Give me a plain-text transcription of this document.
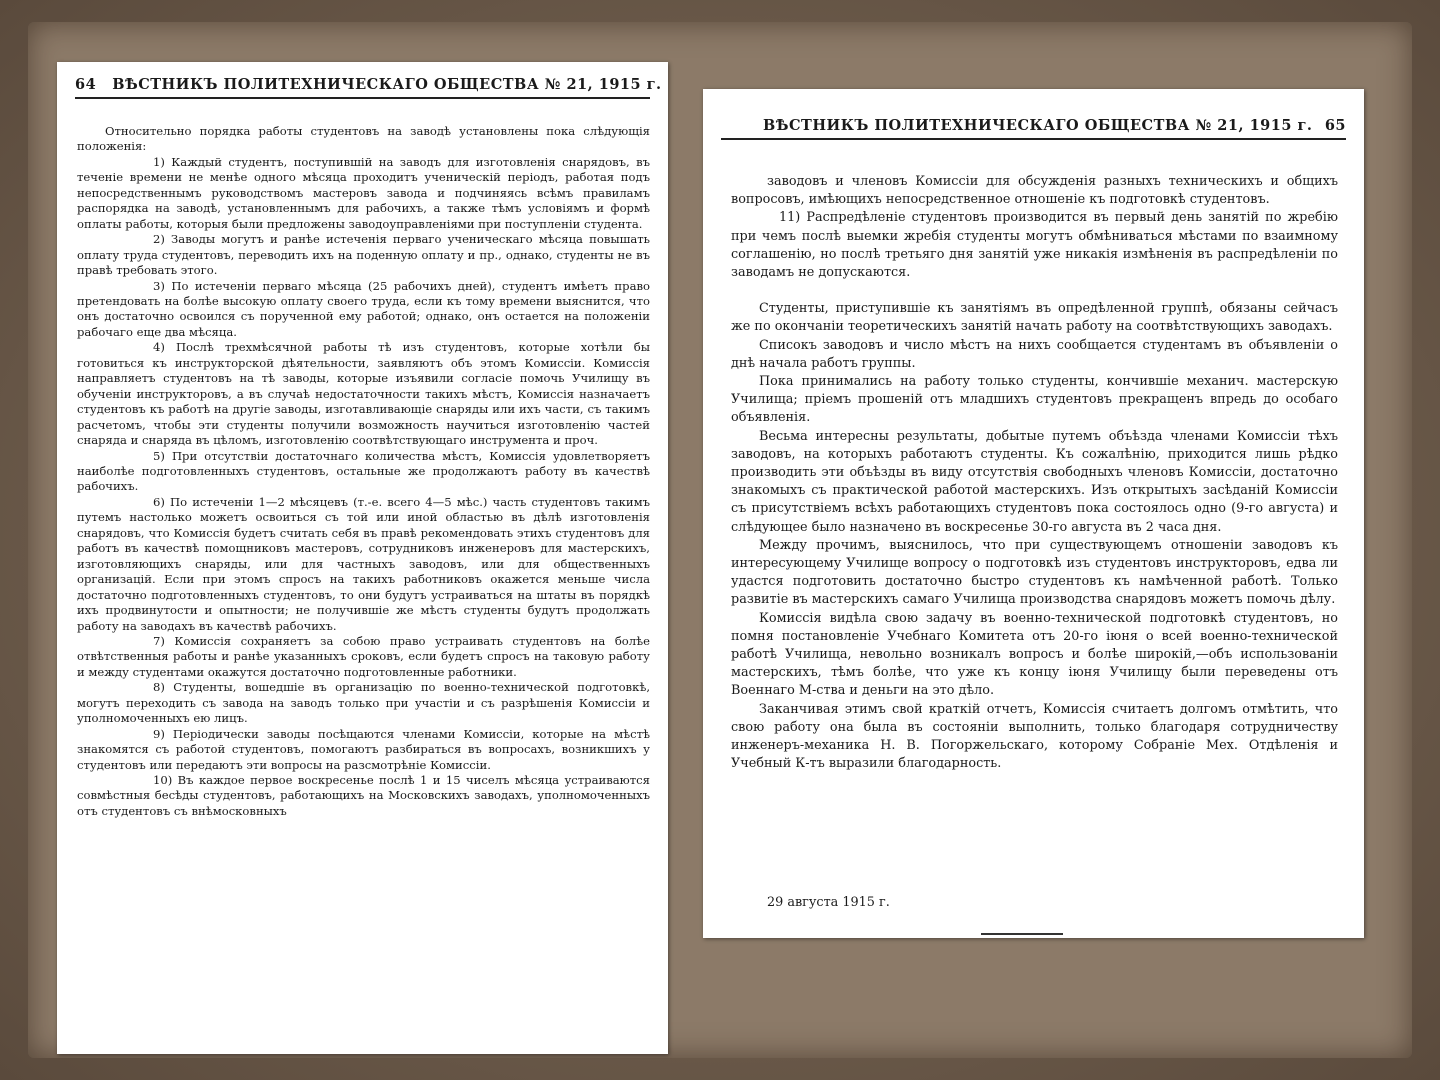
64 ВѢСТНИКЪ ПОЛИТЕХНИЧЕСКАГО ОБЩЕСТВА № 21, 1915 г.

Относительно порядка работы студентовъ на заводѣ установлены пока слѣдующія положенія:

1) Каждый студентъ, поступившій на заводъ для изготовленія снарядовъ, въ теченіе времени не менѣе одного мѣсяца проходитъ ученическій періодъ, работая подъ непосредственнымъ руководствомъ мастеровъ завода и подчиняясь всѣмъ правиламъ распорядка на заводѣ, установленнымъ для рабочихъ, а также тѣмъ условіямъ и формѣ оплаты работы, которыя были предложены заводоуправленіями при поступленіи студента.

2) Заводы могутъ и ранѣе истеченія перваго ученическаго мѣсяца повышать оплату труда студентовъ, переводить ихъ на поденную оплату и пр., однако, студенты не въ правѣ требовать этого.

3) По истеченіи перваго мѣсяца (25 рабочихъ дней), студентъ имѣетъ право претендовать на болѣе высокую оплату своего труда, если къ тому времени выяснится, что онъ достаточно освоился съ порученной ему работой; однако, онъ остается на положеніи рабочаго еще два мѣсяца.

4) Послѣ трехмѣсячной работы тѣ изъ студентовъ, которые хотѣли бы готовиться къ инструкторской дѣятельности, заявляютъ объ этомъ Комиссіи. Комиссія направляетъ студентовъ на тѣ заводы, которые изъявили согласіе помочь Училищу въ обученіи инструкторовъ, а въ случаѣ недостаточности такихъ мѣстъ, Комиссія назначаетъ студентовъ къ работѣ на другіе заводы, изготавливающіе снаряды или ихъ части, съ такимъ расчетомъ, чтобы эти студенты получили возможность научиться изготовленію частей снаряда и снаряда въ цѣломъ, изготовленію соотвѣтствующаго инструмента и проч.

5) При отсутствіи достаточнаго количества мѣстъ, Комиссія удовлетворяетъ наиболѣе подготовленныхъ студентовъ, остальные же продолжаютъ работу въ качествѣ рабочихъ.

6) По истеченіи 1—2 мѣсяцевъ (т.-е. всего 4—5 мѣс.) часть студентовъ такимъ путемъ настолько можетъ освоиться съ той или иной областью въ дѣлѣ изготовленія снарядовъ, что Комиссія будетъ считать себя въ правѣ рекомендовать этихъ студентовъ для работъ въ качествѣ помощниковъ мастеровъ, сотрудниковъ инженеровъ для мастерскихъ, изготовляющихъ снаряды, или для частныхъ заводовъ, или для общественныхъ организацій. Если при этомъ спросъ на такихъ работниковъ окажется меньше числа достаточно подготовленныхъ студентовъ, то они будутъ устраиваться на штаты въ порядкѣ ихъ продвинутости и опытности; не получившіе же мѣстъ студенты будутъ продолжать работу на заводахъ въ качествѣ рабочихъ.

7) Комиссія сохраняетъ за собою право устраивать студентовъ на болѣе отвѣтственныя работы и ранѣе указанныхъ сроковъ, если будетъ спросъ на таковую работу и между студентами окажутся достаточно подготовленные работники.

8) Студенты, вошедшіе въ организацію по военно-технической подготовкѣ, могутъ переходить съ завода на заводъ только при участіи и съ разрѣшенія Комиссіи и уполномоченныхъ ею лицъ.

9) Періодически заводы посѣщаются членами Комиссіи, которые на мѣстѣ знакомятся съ работой студентовъ, помогаютъ разбираться въ вопросахъ, возникшихъ у студентовъ или передаютъ эти вопросы на разсмотрѣніе Комиссіи.

10) Въ каждое первое воскресенье послѣ 1 и 15 чиселъ мѣсяца устраиваются совмѣстныя бесѣды студентовъ, работающихъ на Московскихъ заводахъ, уполномоченныхъ отъ студентовъ съ внѣмосковныхъ

ВѢСТНИКЪ ПОЛИТЕХНИЧЕСКАГО ОБЩЕСТВА № 21, 1915 г. 65

заводовъ и членовъ Комиссіи для обсужденія разныхъ техническихъ и общихъ вопросовъ, имѣющихъ непосредственное отношеніе къ подготовкѣ студентовъ.

11) Распредѣленіе студентовъ производится въ первый день занятій по жребію при чемъ послѣ выемки жребія студенты могутъ обмѣниваться мѣстами по взаимному соглашенію, но послѣ третьяго дня занятій уже никакія измѣненія въ распредѣленіи по заводамъ не допускаются.

Студенты, приступившіе къ занятіямъ въ опредѣленной группѣ, обязаны сейчасъ же по окончаніи теоретическихъ занятій начать работу на соотвѣтствующихъ заводахъ.

Списокъ заводовъ и число мѣстъ на нихъ сообщается студентамъ въ объявленіи о днѣ начала работъ группы.

Пока принимались на работу только студенты, кончившіе механич. мастерскую Училища; пріемъ прошеній отъ младшихъ студентовъ прекращенъ впредь до особаго объявленія.

Весьма интересны результаты, добытые путемъ объѣзда членами Комиссіи тѣхъ заводовъ, на которыхъ работаютъ студенты. Къ сожалѣнію, приходится лишь рѣдко производить эти объѣзды въ виду отсутствія свободныхъ членовъ Комиссіи, достаточно знакомыхъ съ практической работой мастерскихъ. Изъ открытыхъ засѣданій Комиссіи съ присутствіемъ всѣхъ работающихъ студентовъ пока состоялось одно (9-го августа) и слѣдующее было назначено въ воскресенье 30-го августа въ 2 часа дня.

Между прочимъ, выяснилось, что при существующемъ отношеніи заводовъ къ интересующему Училище вопросу о подготовкѣ изъ студентовъ инструкторовъ, едва ли удастся подготовить достаточно быстро студентовъ къ намѣченной работѣ. Только развитіе въ мастерскихъ самаго Училища производства снарядовъ можетъ помочь дѣлу.

Комиссія видѣла свою задачу въ военно-технической подготовкѣ студентовъ, но помня постановленіе Учебнаго Комитета отъ 20-го іюня о всей военно-технической работѣ Училища, невольно возникалъ вопросъ и болѣе широкій,—объ использованіи мастерскихъ, тѣмъ болѣе, что уже къ концу іюня Училищу были переведены отъ Военнаго М-ства и деньги на это дѣло.

Заканчивая этимъ свой краткій отчетъ, Комиссія считаетъ долгомъ отмѣтить, что свою работу она была въ состояніи выполнить, только благодаря сотрудничеству инженеръ-механика Н. В. Погоржельскаго, которому Собраніе Мех. Отдѣленія и Учебный К-тъ выразили благодарность.

29 августа 1915 г.
